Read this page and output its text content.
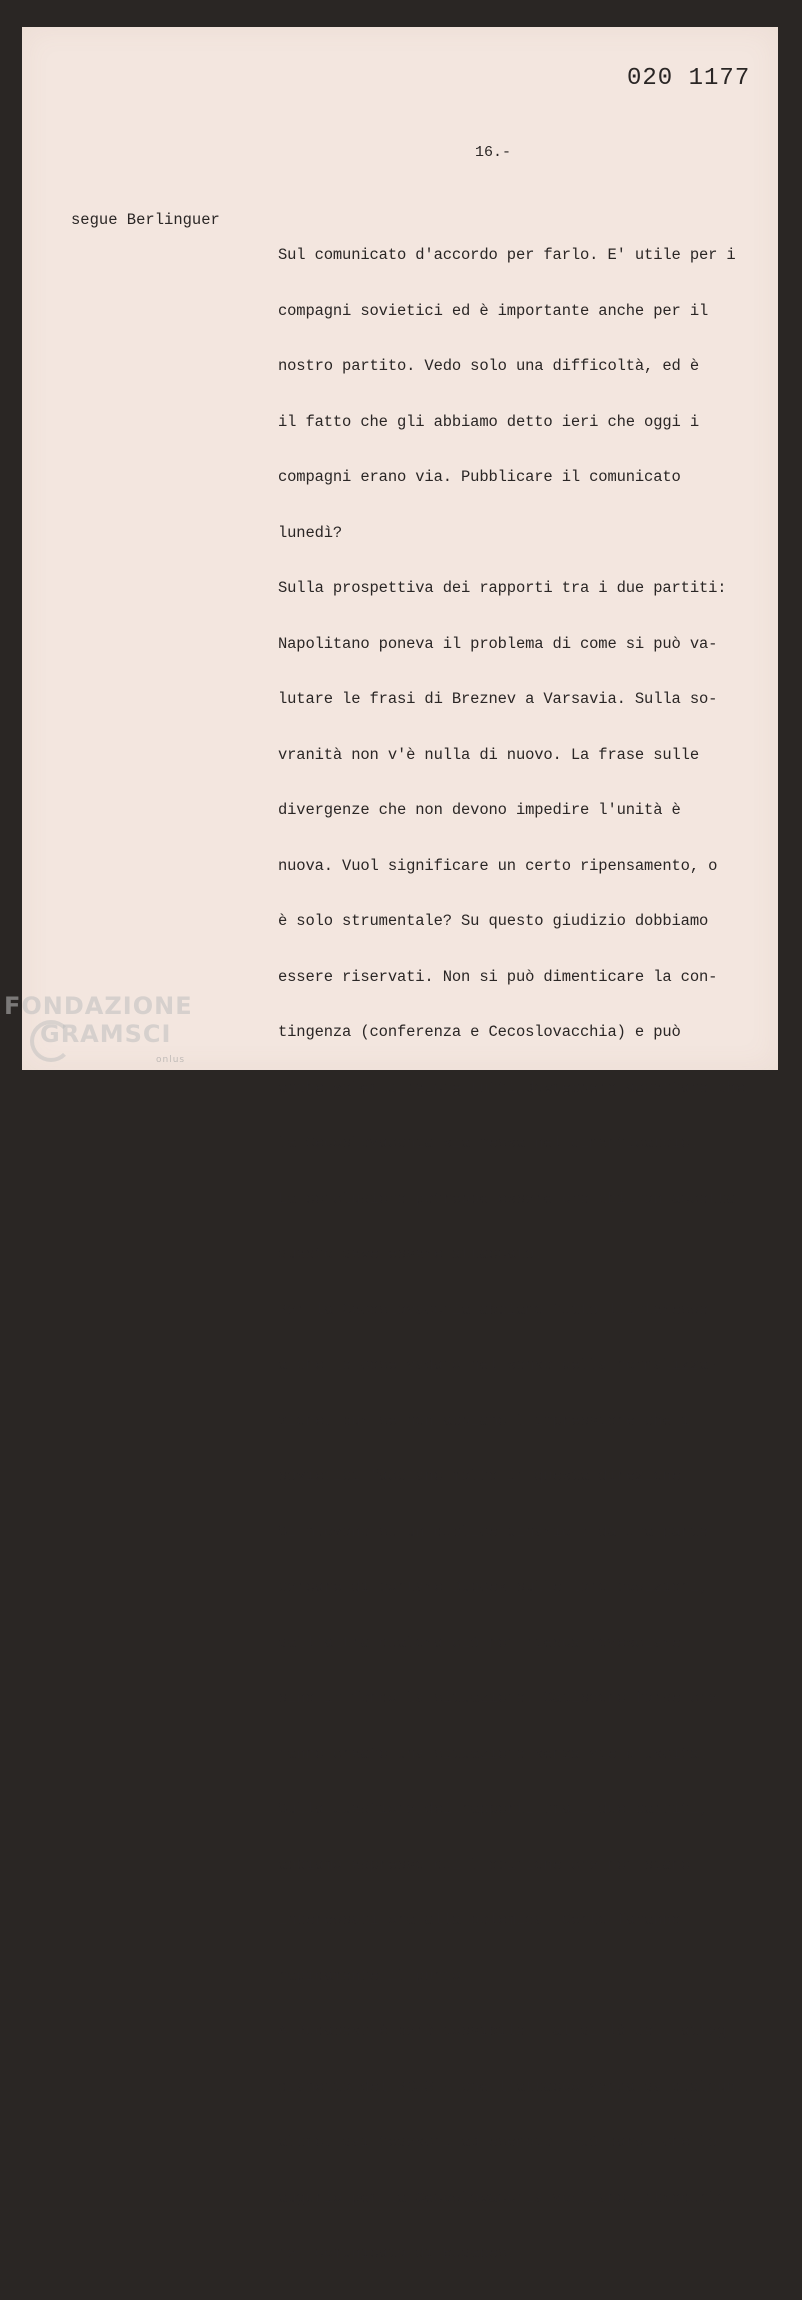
020 1177
16.-
segue Berlinguer

Sul comunicato d'accordo per farlo. E' utile per i

compagni sovietici ed è importante anche per il

nostro partito. Vedo solo una difficoltà, ed è

il fatto che gli abbiamo detto ieri che oggi i

compagni erano via. Pubblicare il comunicato

lunedì?

Sulla prospettiva dei rapporti tra i due partiti:

Napolitano poneva il problema di come si può va-

lutare le frasi di Breznev a Varsavia. Sulla so-

vranità non v'è nulla di nuovo. La frase sulle

divergenze che non devono impedire l'unità è

nuova. Vuol significare un certo ripensamento, o

è solo strumentale? Su questo giudizio dobbiamo

essere riservati. Non si può dimenticare la con-

tingenza (conferenza e Cecoslovacchia) e può

anche voler dire che tutti dovrebbero accettare che

la Cecoslovacchia sia messa nel dimenticatoio.

La conclusione potrebbe essere che chi non accetta

questo deve essere attaccato.

Per la Cecoslovacchia abbiamo tutto l'interesse

a che le cose vadano nel senso della normalizza-

zione, pur se non abbiamo l'impressione che i

sovietici facciano molto in questa direzione.

Si muovono su un duplice binario : da una parte

cercare di portare Dubcek sulle loro posizioni,

dall'altra qualora ciò non riesca rovesciare

sino in fondo la situazione. Capiscono forse che

hanno creato una situazione senza vie d'uscita.

Sulla questione dei rapporti tra i due partiti,

abbiamo espresso qui l'opinione che non siano

interessati ora alla polemica. Certo faranno

rapidamente il punto.

A Budapest è però possibile - al di là dell'atteg-

giamento del PCUS - che l'attacco venga da qualcun'

altro, dai tedeschi ad esempio. Può darsi che lo

augurio per la Cecoslovacchia vogliano introdurlo

nel comunicato di Budapest.

FONDAZIONE
GRAMSCI
onlus
